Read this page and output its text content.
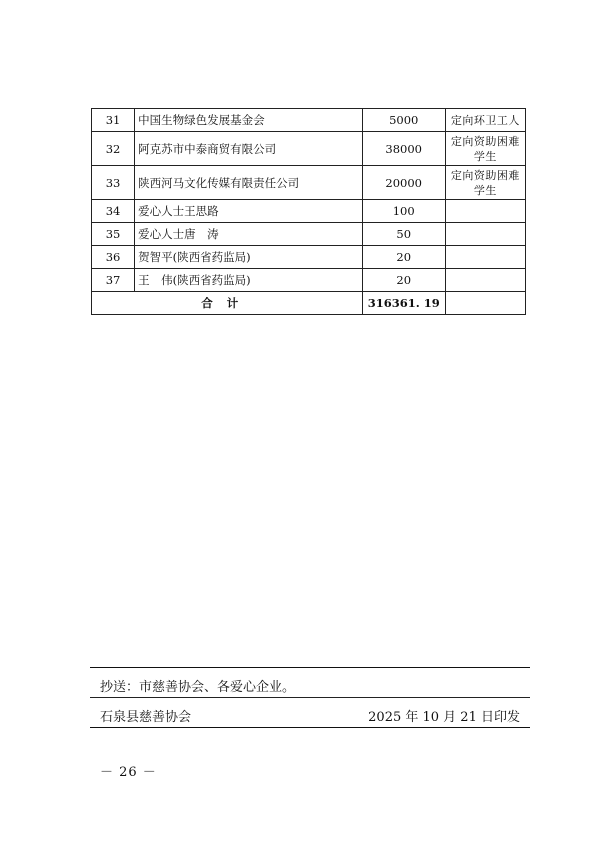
31	中国生物绿色发展基金会	5000	定向环卫工人
32	阿克苏市中泰商贸有限公司	38000	定向资助困难学生
33	陕西河马文化传媒有限责任公司	20000	定向资助困难学生
34	爱心人士王思路	100	
35	爱心人士唐　涛	50	
36	贺智平(陕西省药监局)	20	
37	王　伟(陕西省药监局)	20	
合计		316361. 19	
抄送：市慈善协会、各爱心企业。
石泉县慈善协会	2025 年 10 月 21 日印发
－ 26 －
